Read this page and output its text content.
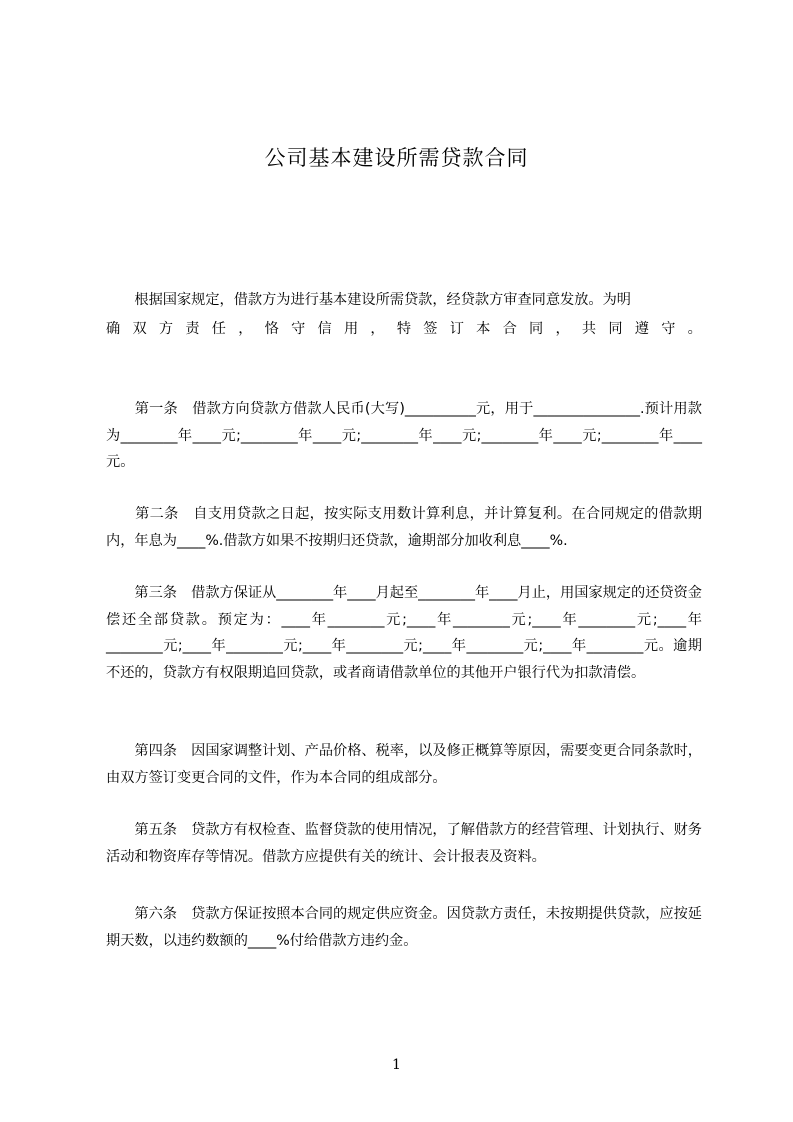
公司基本建设所需贷款合同
　　根据国家规定，借款方为进行基本建设所需贷款，经贷款方审查同意发放。为明
确 双 方 责 任 ， 恪 守 信 用 ， 特 签 订 本 合 同 ， 共 同 遵 守 。
　　第一条　借款方向贷款方借款人民币(大写)__________元，用于_______________.预计用款为________年____元;________年____元;________年____元;________年____元;________年____元。
　　第二条　自支用贷款之日起，按实际支用数计算利息，并计算复利。在合同规定的借款期内，年息为____%.借款方如果不按期归还贷款，逾期部分加收利息____%.
　　第三条　借款方保证从________年____月起至________年____月止，用国家规定的还贷资金偿还全部贷款。预定为：____年________元;____年________元;____年________元;____年________元;____年________元;____年________元;____年________元;____年________元。逾期不还的，贷款方有权限期追回贷款，或者商请借款单位的其他开户银行代为扣款清偿。
　　第四条　因国家调整计划、产品价格、税率，以及修正概算等原因，需要变更合同条款时，由双方签订变更合同的文件，作为本合同的组成部分。
　　第五条　贷款方有权检查、监督贷款的使用情况，了解借款方的经营管理、计划执行、财务活动和物资库存等情况。借款方应提供有关的统计、会计报表及资料。
　　第六条　贷款方保证按照本合同的规定供应资金。因贷款方责任，未按期提供贷款，应按延期天数，以违约数额的____%付给借款方违约金。
1
